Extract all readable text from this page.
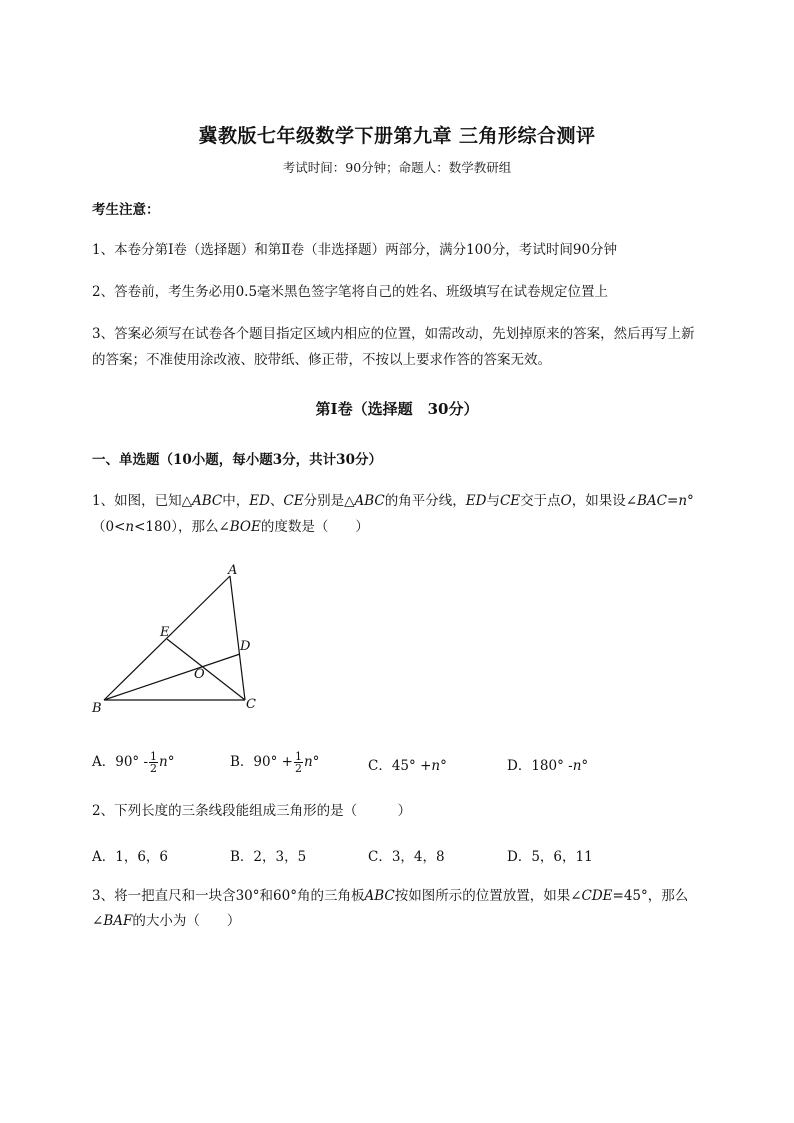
冀教版七年级数学下册第九章 三角形综合测评
考试时间：90分钟；命题人：数学教研组
考生注意：
1、本卷分第Ⅰ卷（选择题）和第Ⅱ卷（非选择题）两部分，满分100分，考试时间90分钟
2、答卷前，考生务必用0.5毫米黑色签字笔将自己的姓名、班级填写在试卷规定位置上
3、答案必须写在试卷各个题目指定区域内相应的位置，如需改动，先划掉原来的答案，然后再写上新
的答案；不准使用涂改液、胶带纸、修正带，不按以上要求作答的答案无效。
第Ⅰ卷（选择题　30分）
一、单选题（10小题，每小题3分，共计30分）
1、如图，已知△ABC中，ED、CE分别是△ABC的角平分线，ED与CE交于点O，如果设∠BAC=n°
（0<n<180），那么∠BOE的度数是（　　）
A
B	C
D
E
O
A．$90^\circ - \frac{1}{2} n^\circ$	B．$90^\circ + \frac{1}{2} n^\circ$	C．45° +n°	D．180° -n°
2、下列长度的三条线段能组成三角形的是（　　　）
A．1，6，6	B．2，3，5	C．3，4，8	D．5，6，11
3、将一把直尺和一块含30°和60°角的三角板ABC按如图所示的位置放置，如果∠CDE=45°，那么
∠BAF的大小为（　　）
